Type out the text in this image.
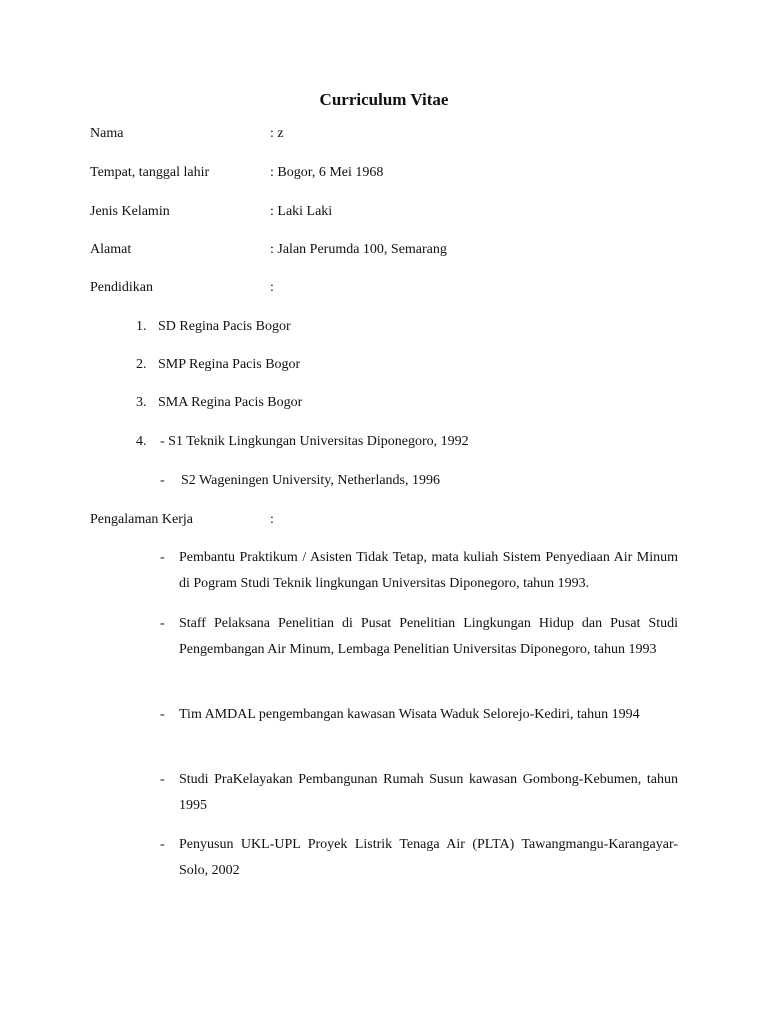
Curriculum Vitae
Nama	: z
Tempat, tanggal lahir	: Bogor, 6 Mei 1968
Jenis Kelamin	: Laki Laki
Alamat	: Jalan Perumda 100, Semarang
Pendidikan	:
1. SD Regina Pacis Bogor
2. SMP Regina Pacis Bogor
3. SMA Regina Pacis Bogor
4. - S1 Teknik Lingkungan Universitas Diponegoro, 1992
- S2 Wageningen University, Netherlands, 1996
Pengalaman Kerja	:
- Pembantu Praktikum / Asisten Tidak Tetap, mata kuliah Sistem Penyediaan Air Minum di Pogram Studi Teknik lingkungan Universitas Diponegoro, tahun 1993.
- Staff Pelaksana Penelitian di Pusat Penelitian Lingkungan Hidup dan Pusat Studi Pengembangan Air Minum, Lembaga Penelitian Universitas Diponegoro, tahun 1993
- Tim AMDAL pengembangan kawasan Wisata Waduk Selorejo-Kediri, tahun 1994
- Studi PraKelayakan Pembangunan Rumah Susun kawasan Gombong-Kebumen, tahun 1995
- Penyusun UKL-UPL Proyek Listrik Tenaga Air (PLTA) Tawangmangu-Karangayar-Solo, 2002
